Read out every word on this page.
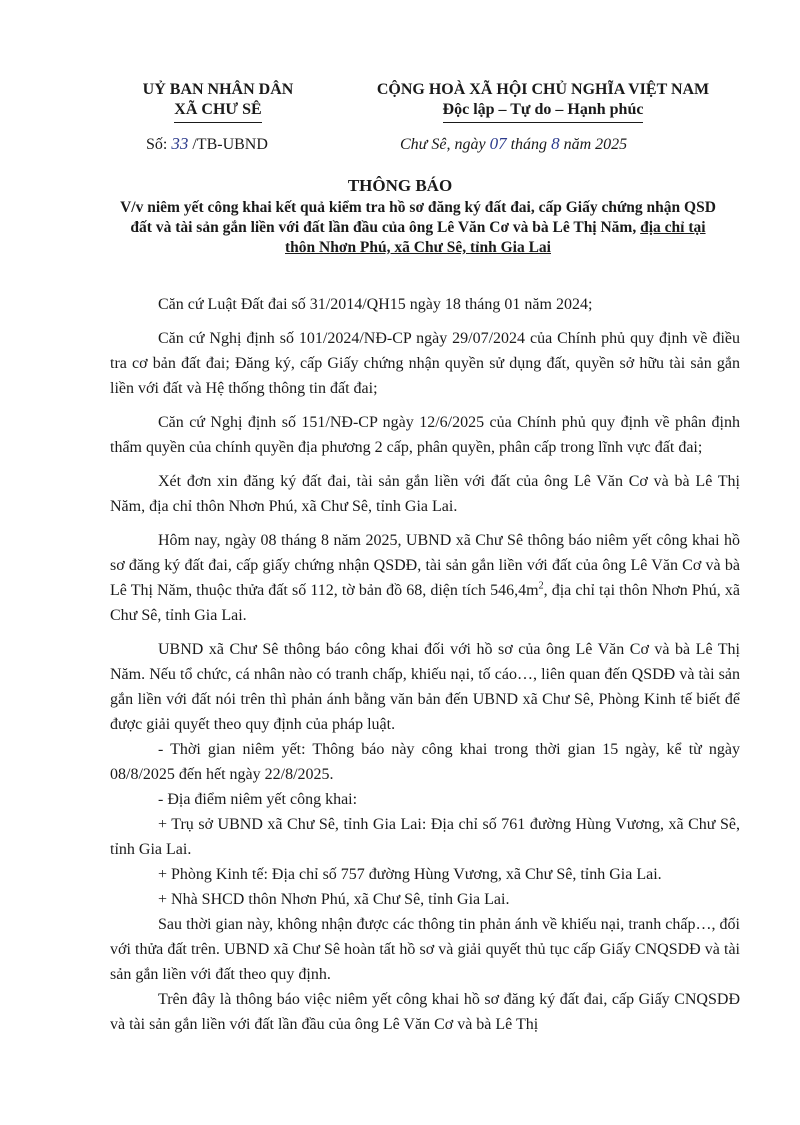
UỶ BAN NHÂN DÂN
XÃ CHƯ SÊ
CỘNG HOÀ XÃ HỘI CHỦ NGHĨA VIỆT NAM
Độc lập – Tự do – Hạnh phúc
Số: 33 /TB-UBND	Chư Sê, ngày 07 tháng 8 năm 2025
THÔNG BÁO
V/v niêm yết công khai kết quả kiểm tra hồ sơ đăng ký đất đai, cấp Giấy chứng nhận QSD đất và tài sản gắn liền với đất lần đầu của ông Lê Văn Cơ và bà Lê Thị Năm, địa chỉ tại thôn Nhơn Phú, xã Chư Sê, tỉnh Gia Lai

Căn cứ Luật Đất đai số 31/2014/QH15 ngày 18 tháng 01 năm 2024;

Căn cứ Nghị định số 101/2024/NĐ-CP ngày 29/07/2024 của Chính phủ quy định về điều tra cơ bản đất đai; Đăng ký, cấp Giấy chứng nhận quyền sử dụng đất, quyền sở hữu tài sản gắn liền với đất và Hệ thống thông tin đất đai;

Căn cứ Nghị định số 151/NĐ-CP ngày 12/6/2025 của Chính phủ quy định về phân định thẩm quyền của chính quyền địa phương 2 cấp, phân quyền, phân cấp trong lĩnh vực đất đai;

Xét đơn xin đăng ký đất đai, tài sản gắn liền với đất của ông Lê Văn Cơ và bà Lê Thị Năm, địa chỉ thôn Nhơn Phú, xã Chư Sê, tỉnh Gia Lai.

Hôm nay, ngày 08 tháng 8 năm 2025, UBND xã Chư Sê thông báo niêm yết công khai hồ sơ đăng ký đất đai, cấp giấy chứng nhận QSDĐ, tài sản gắn liền với đất của ông Lê Văn Cơ và bà Lê Thị Năm, thuộc thửa đất số 112, tờ bản đồ 68, diện tích $546,4m^2$, địa chỉ tại thôn Nhơn Phú, xã Chư Sê, tỉnh Gia Lai.

UBND xã Chư Sê thông báo công khai đối với hồ sơ của ông Lê Văn Cơ và bà Lê Thị Năm. Nếu tổ chức, cá nhân nào có tranh chấp, khiếu nại, tố cáo…, liên quan đến QSDĐ và tài sản gắn liền với đất nói trên thì phản ánh bằng văn bản đến UBND xã Chư Sê, Phòng Kinh tế biết để được giải quyết theo quy định của pháp luật.

- Thời gian niêm yết: Thông báo này công khai trong thời gian 15 ngày, kể từ ngày 08/8/2025 đến hết ngày 22/8/2025.

- Địa điểm niêm yết công khai:

+ Trụ sở UBND xã Chư Sê, tỉnh Gia Lai: Địa chỉ số 761 đường Hùng Vương, xã Chư Sê, tỉnh Gia Lai.

+ Phòng Kinh tế: Địa chỉ số 757 đường Hùng Vương, xã Chư Sê, tỉnh Gia Lai.

+ Nhà SHCD thôn Nhơn Phú, xã Chư Sê, tỉnh Gia Lai.

Sau thời gian này, không nhận được các thông tin phản ánh về khiếu nại, tranh chấp…, đối với thửa đất trên. UBND xã Chư Sê hoàn tất hồ sơ và giải quyết thủ tục cấp Giấy CNQSDĐ và tài sản gắn liền với đất theo quy định.

Trên đây là thông báo việc niêm yết công khai hồ sơ đăng ký đất đai, cấp Giấy CNQSDĐ và tài sản gắn liền với đất lần đầu của ông Lê Văn Cơ và bà Lê Thị
